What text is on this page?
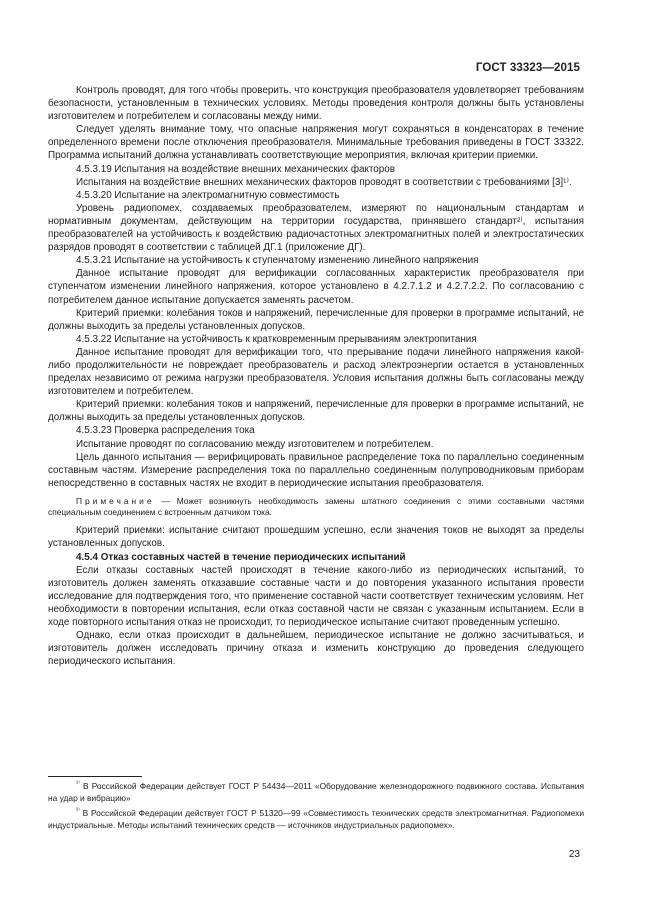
ГОСТ 33323—2015

Контроль проводят, для того чтобы проверить, что конструкция преобразователя удовлетворяет требованиям безопасности, установленным в технических условиях. Методы проведения контроля должны быть установлены изготовителем и потребителем и согласованы между ними.

Следует уделять внимание тому, что опасные напряжения могут сохраняться в конденсаторах в течение определенного времени после отключения преобразователя. Минимальные требования приведены в ГОСТ 33322. Программа испытаний должна устанавливать соответствующие мероприятия, включая критерии приемки.

4.5.3.19 Испытания на воздействие внешних механических факторов

Испытания на воздействие внешних механических факторов проводят в соответствии с требованиями [3]¹⁾.

4.5.3.20 Испытание на электромагнитную совместимость

Уровень радиопомех, создаваемых преобразователем, измеряют по национальным стандартам и нормативным документам, действующим на территории государства, принявшего стандарт²⁾, испытания преобразователей на устойчивость к воздействию радиочастотных электромагнитных полей и электростатических разрядов проводят в соответствии с таблицей ДГ.1 (приложение ДГ).

4.5.3.21 Испытание на устойчивость к ступенчатому изменению линейного напряжения

Данное испытание проводят для верификации согласованных характеристик преобразователя при ступенчатом изменении линейного напряжения, которое установлено в 4.2.7.1.2 и 4.2.7.2.2. По согласованию с потребителем данное испытание допускается заменять расчетом.

Критерий приемки: колебания токов и напряжений, перечисленные для проверки в программе испытаний, не должны выходить за пределы установленных допусков.

4.5.3.22 Испытание на устойчивость к кратковременным прерываниям электропитания

Данное испытание проводят для верификации того, что прерывание подачи линейного напряжения какой-либо продолжительности не повреждает преобразователь и расход электроэнергии остается в установленных пределах независимо от режима нагрузки преобразователя. Условия испытания должны быть согласованы между изготовителем и потребителем.

Критерий приемки: колебания токов и напряжений, перечисленные для проверки в программе испытаний, не должны выходить за пределы установленных допусков.

4.5.3.23 Проверка распределения тока

Испытание проводят по согласованию между изготовителем и потребителем.

Цель данного испытания — верифицировать правильное распределение тока по параллельно соединенным составным частям. Измерение распределения тока по параллельно соединенным полупроводниковым приборам непосредственно в составных частях не входит в периодические испытания преобразователя.

Примечание — Может возникнуть необходимость замены штатного соединения с этими составными частями специальным соединением с встроенным датчиком тока.

Критерий приемки: испытание считают прошедшим успешно, если значения токов не выходят за пределы установленных допусков.

4.5.4 Отказ составных частей в течение периодических испытаний

Если отказы составных частей происходят в течение какого-либо из периодических испытаний, то изготовитель должен заменять отказавшие составные части и до повторения указанного испытания провести исследование для подтверждения того, что применение составной части соответствует техническим условиям. Нет необходимости в повторении испытания, если отказ составной части не связан с указанным испытанием. Если в ходе повторного испытания отказ не происходит, то периодическое испытание считают проведенным успешно.

Однако, если отказ происходит в дальнейшем, периодическое испытание не должно засчитываться, и изготовитель должен исследовать причину отказа и изменить конструкцию до проведения следующего периодического испытания.

$^{^{1)}}$ В Российской Федерации действует ГОСТ Р 54434—2011 «Оборудование железнодорожного подвижного состава. Испытания на удар и вибрацию»

$^{^{2)}}$ В Российской Федерации действует ГОСТ Р 51320—99 «Совместимость технических средств электромагнитная. Радиопомехи индустриальные. Методы испытаний технических средств — источников индустриальных радиопомех».

23
